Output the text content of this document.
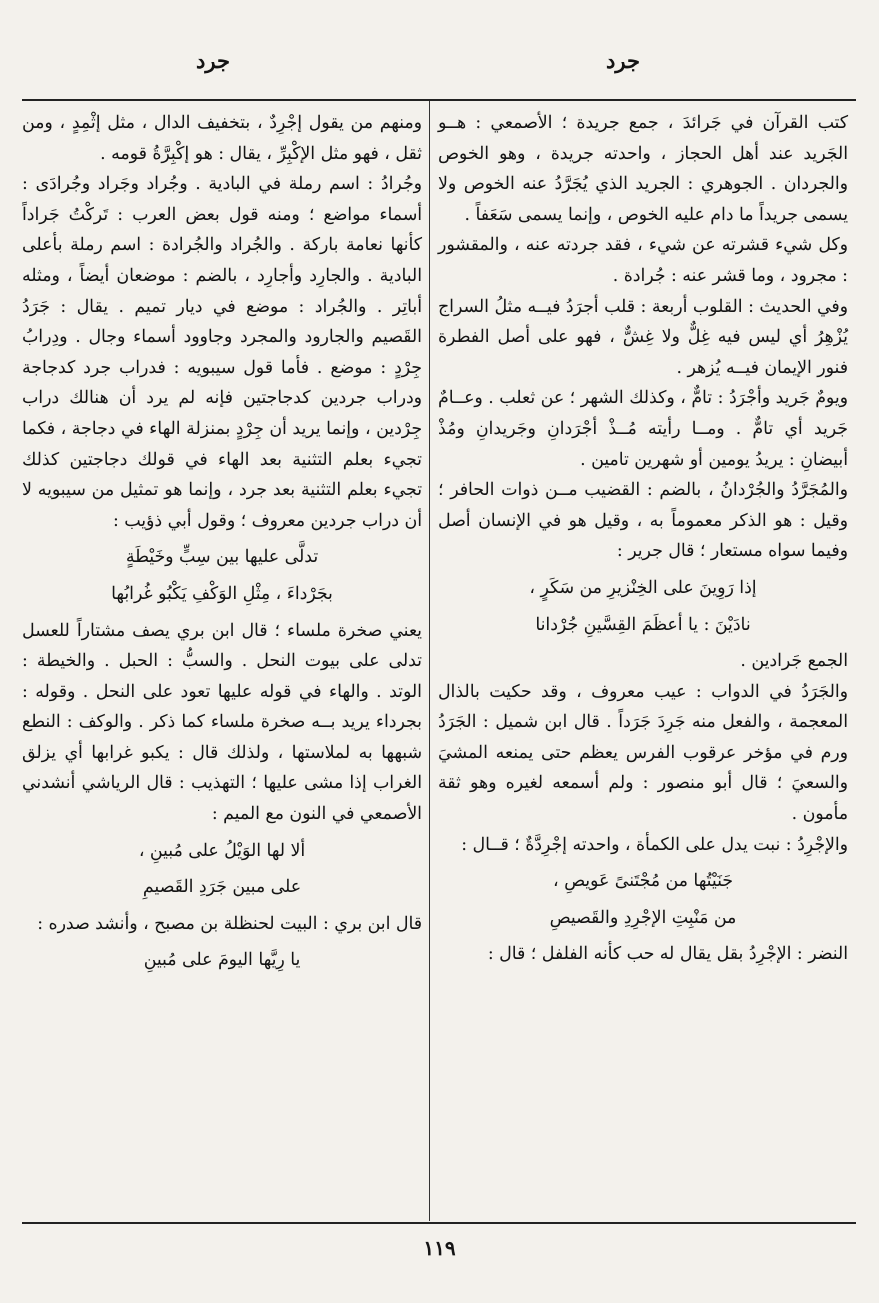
جرد
جرد

كتب القرآن في جَرائدَ ، جمع جريدة ؛ الأصمعي : هــو الجَريد عند أهل الحجاز ، واحدته جريدة ، وهو الخوص والجردان . الجوهري : الجريد الذي يُجَرَّدُ عنه الخوص ولا يسمى جريداً ما دام عليه الخوص ، وإنما يسمى سَعَفاً .

وكل شيء قشرته عن شيء ، فقد جردته عنه ، والمقشور : مجرود ، وما قشر عنه : جُرادة .

وفي الحديث : القلوب أربعة : قلب أجرَدُ فيــه مثلُ السراج يُزْهِرُ أي ليس فيه غِلٌّ ولا غِشٌّ ، فهو على أصل الفطرة فنور الإيمان فيــه يُزهر .

ويومٌ جَريد وأجْرَدُ : تامٌّ ، وكذلك الشهر ؛ عن ثعلب . وعــامٌ جَريد أي تامٌّ . ومــا رأيته مُــذْ أجْرَدانِ وجَريدانِ ومُذْ أبيضانِ : يريدُ يومين أو شهرين تامين .

والمُجَرَّدُ والجُرْدانُ ، بالضم : القضيب مــن ذوات الحافر ؛ وقيل : هو الذكر معموماً به ، وقيل هو في الإنسان أصل وفيما سواه مستعار ؛ قال جرير :

إذا رَوِينَ على الخِنْزيرِ من سَكَرٍ ،

نادَيْنَ : يا أعظَمَ القِسَّينِ جُرْدانا

الجمع جَرادين .

والجَرَدُ في الدواب : عيب معروف ، وقد حكيت بالذال المعجمة ، والفعل منه جَرِدَ جَرَداً . قال ابن شميل : الجَرَدُ ورم في مؤخر عرقوب الفرس يعظم حتى يمنعه المشيَ والسعيَ ؛ قال أبو منصور : ولم أسمعه لغيره وهو ثقة مأمون .

والإجْرِدُ : نبت يدل على الكمأة ، واحدته إجْرِدَّةٌ ؛ قــال :

جَنَيْتُها من مُجْتَنىً عَويصِ ،

من مَنْبِتِ الإجْرِدِ والقَصيصِ

النضر : الإجْرِدُ بقل يقال له حب كأنه الفلفل ؛ قال :

ومنهم من يقول إجْرِدٌ ، بتخفيف الدال ، مثل إثْمِدٍ ، ومن ثقل ، فهو مثل الإكْبِرِّ ، يقال : هو إكْبِرَّةُ قومه .

وجُرادُ : اسم رملة في البادية . وجُراد وجَراد وجُرادَى : أسماء مواضع ؛ ومنه قول بعض العرب : تَركْتُ جَراداً كأنها نعامة باركة . والجُراد والجُرادة : اسم رملة بأعلى البادية . والجارِد وأجارِد ، بالضم : موضعان أيضاً ، ومثله أباتِر . والجُراد : موضع في ديار تميم . يقال : جَرَدُ القَصيم والجارود والمجرد وجاوود أسماء وجال . ودِرابُ جِرْدٍ : موضع . فأما قول سيبويه : فدراب جرد كدجاجة ودراب جردين كدجاجتين فإنه لم يرد أن هنالك دراب جِرْدين ، وإنما يريد أن جِرْدٍ بمنزلة الهاء في دجاجة ، فكما تجيء بعلم التثنية بعد الهاء في قولك دجاجتين كذلك تجيء بعلم التثنية بعد جرد ، وإنما هو تمثيل من سيبويه لا أن دراب جردين معروف ؛ وقول أبي ذؤيب :

تدلَّى عليها بين سِبٍّ وخَيْطَةٍ

بجَرْداءَ ، مِثْلِ الوَكْفِ يَكْبُو غُرابُها

يعني صخرة ملساء ؛ قال ابن بري يصف مشتاراً للعسل تدلى على بيوت النحل . والسبُّ : الحبل . والخيطة : الوتد . والهاء في قوله عليها تعود على النحل . وقوله : بجرداء يريد بــه صخرة ملساء كما ذكر . والوكف : النطع شبهها به لملاستها ، ولذلك قال : يكبو غرابها أي يزلق الغراب إذا مشى عليها ؛ التهذيب : قال الرياشي أنشدني الأصمعي في النون مع الميم :

ألا لها الوَيْلُ على مُبينِ ،

على مبين جَرَدِ القَصيمِ

قال ابن بري : البيت لحنظلة بن مصبح ، وأنشد صدره :

يا رِيَّها اليومَ على مُبينِ

١١٩
